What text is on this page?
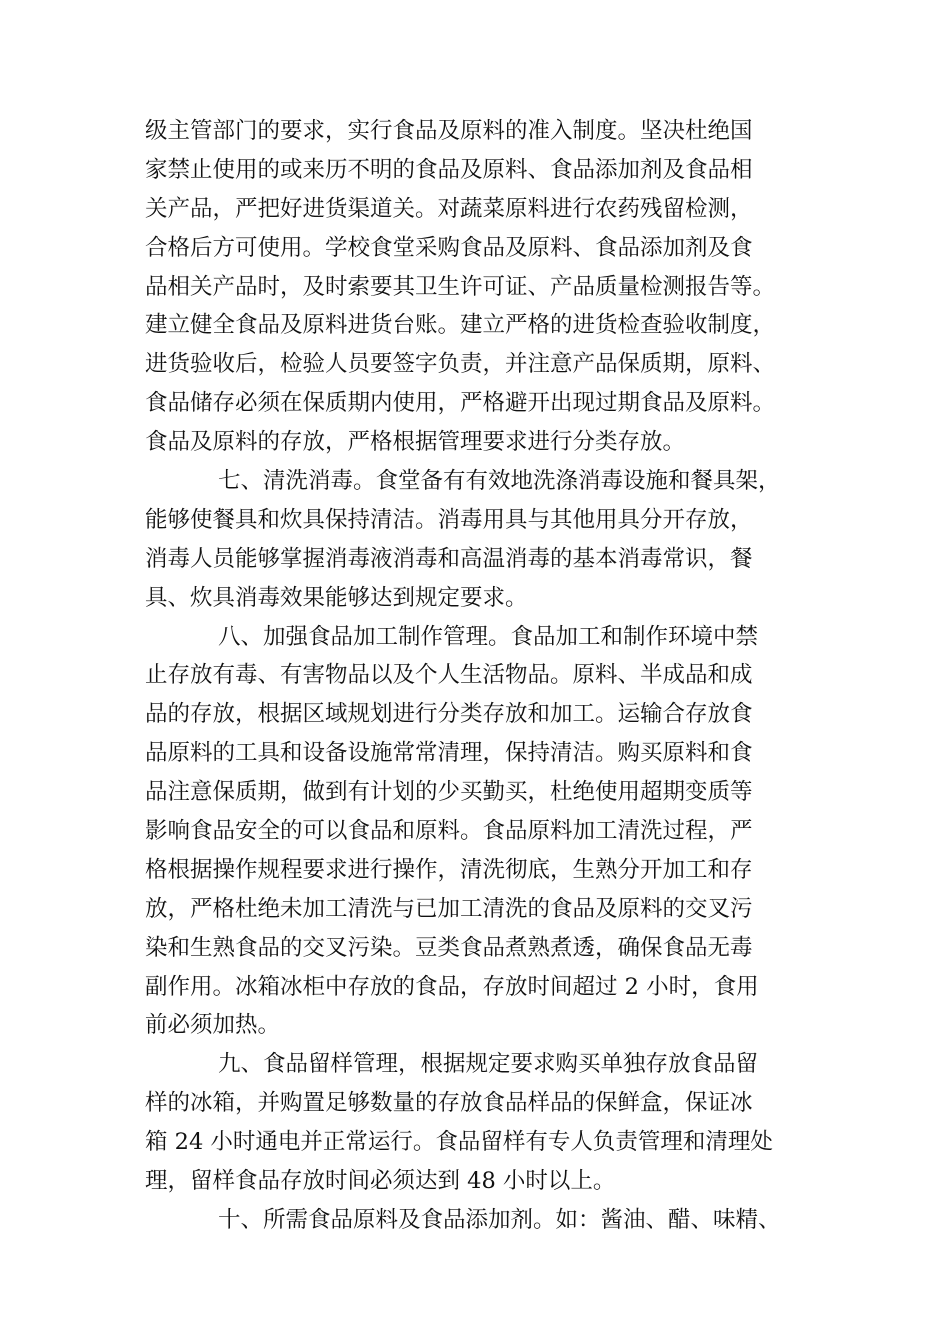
级主管部门的要求，实行食品及原料的准入制度。坚决杜绝国
家禁止使用的或来历不明的食品及原料、食品添加剂及食品相
关产品，严把好进货渠道关。对蔬菜原料进行农药残留检测，
合格后方可使用。学校食堂采购食品及原料、食品添加剂及食
品相关产品时，及时索要其卫生许可证、产品质量检测报告等。
建立健全食品及原料进货台账。建立严格的进货检查验收制度，
进货验收后，检验人员要签字负责，并注意产品保质期，原料、
食品储存必须在保质期内使用，严格避开出现过期食品及原料。
食品及原料的存放，严格根据管理要求进行分类存放。
七、清洗消毒。食堂备有有效地洗涤消毒设施和餐具架，
能够使餐具和炊具保持清洁。消毒用具与其他用具分开存放，
消毒人员能够掌握消毒液消毒和高温消毒的基本消毒常识，餐
具、炊具消毒效果能够达到规定要求。
八、加强食品加工制作管理。食品加工和制作环境中禁
止存放有毒、有害物品以及个人生活物品。原料、半成品和成
品的存放，根据区域规划进行分类存放和加工。运输合存放食
品原料的工具和设备设施常常清理，保持清洁。购买原料和食
品注意保质期，做到有计划的少买勤买，杜绝使用超期变质等
影响食品安全的可以食品和原料。食品原料加工清洗过程，严
格根据操作规程要求进行操作，清洗彻底，生熟分开加工和存
放，严格杜绝未加工清洗与已加工清洗的食品及原料的交叉污
染和生熟食品的交叉污染。豆类食品煮熟煮透，确保食品无毒
副作用。冰箱冰柜中存放的食品，存放时间超过 2 小时，食用
前必须加热。
九、食品留样管理，根据规定要求购买单独存放食品留
样的冰箱，并购置足够数量的存放食品样品的保鲜盒，保证冰
箱 24 小时通电并正常运行。食品留样有专人负责管理和清理处
理，留样食品存放时间必须达到 48 小时以上。
十、所需食品原料及食品添加剂。如：酱油、醋、味精、
